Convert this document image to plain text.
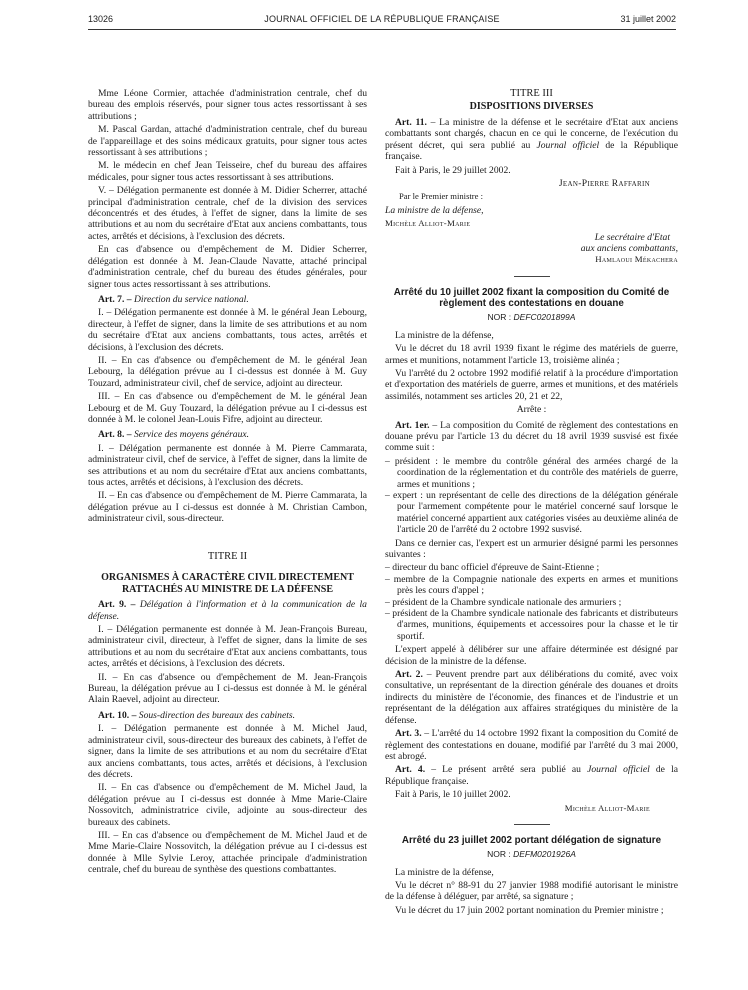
13026	JOURNAL OFFICIEL DE LA RÉPUBLIQUE FRANÇAISE	31 juillet 2002

Mme Léone Cormier, attachée d'administration centrale, chef du bureau des emplois réservés, pour signer tous actes ressortissant à ses attributions ;

M. Pascal Gardan, attaché d'administration centrale, chef du bureau de l'appareillage et des soins médicaux gratuits, pour signer tous actes ressortissant à ses attributions ;

M. le médecin en chef Jean Teisseire, chef du bureau des affaires médicales, pour signer tous actes ressortissant à ses attributions.

V. – Délégation permanente est donnée à M. Didier Scherrer, attaché principal d'administration centrale, chef de la division des services déconcentrés et des études, à l'effet de signer, dans la limite de ses attributions et au nom du secrétaire d'Etat aux anciens combattants, tous actes, arrêtés et décisions, à l'exclusion des décrets.

En cas d'absence ou d'empêchement de M. Didier Scherrer, délégation est donnée à M. Jean-Claude Navatte, attaché principal d'administration centrale, chef du bureau des études générales, pour signer tous actes ressortissant à ses attributions.

Art. 7. – Direction du service national.

I. – Délégation permanente est donnée à M. le général Jean Lebourg, directeur, à l'effet de signer, dans la limite de ses attributions et au nom du secrétaire d'Etat aux anciens combattants, tous actes, arrêtés et décisions, à l'exclusion des décrets.

II. – En cas d'absence ou d'empêchement de M. le général Jean Lebourg, la délégation prévue au I ci-dessus est donnée à M. Guy Touzard, administrateur civil, chef de service, adjoint au directeur.

III. – En cas d'absence ou d'empêchement de M. le général Jean Lebourg et de M. Guy Touzard, la délégation prévue au I ci-dessus est donnée à M. le colonel Jean-Louis Fifre, adjoint au directeur.

Art. 8. – Service des moyens généraux.

I. – Délégation permanente est donnée à M. Pierre Cammarata, administrateur civil, chef de service, à l'effet de signer, dans la limite de ses attributions et au nom du secrétaire d'Etat aux anciens combattants, tous actes, arrêtés et décisions, à l'exclusion des décrets.

II. – En cas d'absence ou d'empêchement de M. Pierre Cammarata, la délégation prévue au I ci-dessus est donnée à M. Christian Cambon, administrateur civil, sous-directeur.

TITRE II
ORGANISMES À CARACTÈRE CIVIL DIRECTEMENT RATTACHÉS AU MINISTRE DE LA DÉFENSE

Art. 9. – Délégation à l'information et à la communication de la défense.

I. – Délégation permanente est donnée à M. Jean-François Bureau, administrateur civil, directeur, à l'effet de signer, dans la limite de ses attributions et au nom du secrétaire d'Etat aux anciens combattants, tous actes, arrêtés et décisions, à l'exclusion des décrets.

II. – En cas d'absence ou d'empêchement de M. Jean-François Bureau, la délégation prévue au I ci-dessus est donnée à M. le général Alain Raevel, adjoint au directeur.

Art. 10. – Sous-direction des bureaux des cabinets.

I. – Délégation permanente est donnée à M. Michel Jaud, administrateur civil, sous-directeur des bureaux des cabinets, à l'effet de signer, dans la limite de ses attributions et au nom du secrétaire d'Etat aux anciens combattants, tous actes, arrêtés et décisions, à l'exclusion des décrets.

II. – En cas d'absence ou d'empêchement de M. Michel Jaud, la délégation prévue au I ci-dessus est donnée à Mme Marie-Claire Nossovitch, administratrice civile, adjointe au sous-directeur des bureaux des cabinets.

III. – En cas d'absence ou d'empêchement de M. Michel Jaud et de Mme Marie-Claire Nossovitch, la délégation prévue au I ci-dessus est donnée à Mlle Sylvie Leroy, attachée principale d'administration centrale, chef du bureau de synthèse des questions combattantes.

TITRE III
DISPOSITIONS DIVERSES

Art. 11. – La ministre de la défense et le secrétaire d'Etat aux anciens combattants sont chargés, chacun en ce qui le concerne, de l'exécution du présent décret, qui sera publié au Journal officiel de la République française.

Fait à Paris, le 29 juillet 2002.

Jean-Pierre Raffarin

Par le Premier ministre :

La ministre de la défense,

Michèle Alliot-Marie

Le secrétaire d'Etat

aux anciens combattants,

Hamlaoui Mékachera

Arrêté du 10 juillet 2002 fixant la composition du Comité de règlement des contestations en douane
NOR : DEFC0201899A

La ministre de la défense,

Vu le décret du 18 avril 1939 fixant le régime des matériels de guerre, armes et munitions, notamment l'article 13, troisième alinéa ;

Vu l'arrêté du 2 octobre 1992 modifié relatif à la procédure d'importation et d'exportation des matériels de guerre, armes et munitions, et des matériels assimilés, notamment ses articles 20, 21 et 22,

Arrête :

Art. 1er. – La composition du Comité de règlement des contestations en douane prévu par l'article 13 du décret du 18 avril 1939 susvisé est fixée comme suit :

– président : le membre du contrôle général des armées chargé de la coordination de la réglementation et du contrôle des matériels de guerre, armes et munitions ;
– expert : un représentant de celle des directions de la délégation générale pour l'armement compétente pour le matériel concerné sauf lorsque le matériel concerné appartient aux catégories visées au deuxième alinéa de l'article 20 de l'arrêté du 2 octobre 1992 susvisé.

Dans ce dernier cas, l'expert est un armurier désigné parmi les personnes suivantes :

– directeur du banc officiel d'épreuve de Saint-Etienne ;
– membre de la Compagnie nationale des experts en armes et munitions près les cours d'appel ;
– président de la Chambre syndicale nationale des armuriers ;
– président de la Chambre syndicale nationale des fabricants et distributeurs d'armes, munitions, équipements et accessoires pour la chasse et le tir sportif.

L'expert appelé à délibérer sur une affaire déterminée est désigné par décision de la ministre de la défense.

Art. 2. – Peuvent prendre part aux délibérations du comité, avec voix consultative, un représentant de la direction générale des douanes et droits indirects du ministère de l'économie, des finances et de l'industrie et un représentant de la délégation aux affaires stratégiques du ministère de la défense.

Art. 3. – L'arrêté du 14 octobre 1992 fixant la composition du Comité de règlement des contestations en douane, modifié par l'arrêté du 3 mai 2000, est abrogé.

Art. 4. – Le présent arrêté sera publié au Journal officiel de la République française.

Fait à Paris, le 10 juillet 2002.

Michèle Alliot-Marie

Arrêté du 23 juillet 2002 portant délégation de signature
NOR : DEFM0201926A

La ministre de la défense,

Vu le décret n° 88-91 du 27 janvier 1988 modifié autorisant le ministre de la défense à déléguer, par arrêté, sa signature ;

Vu le décret du 17 juin 2002 portant nomination du Premier ministre ;
